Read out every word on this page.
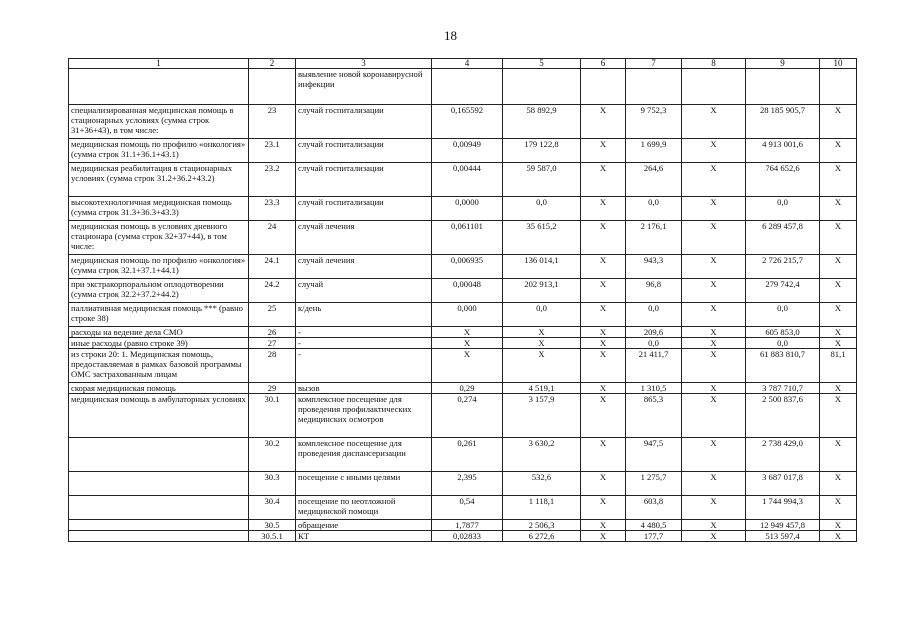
18
1	2	3	4	5	6	7	8	9	10
		выявление новой коронавирусной инфекции							
специализированная медицинская помощь в стационарных условиях (сумма строк 31+36+43), в том числе:	23	случай госпитализации	0,165592	58 892,9	X	9 752,3	X	28 185 905,7	X
медицинская помощь по профилю «онкология» (сумма строк 31.1+36.1+43.1)	23.1	случай госпитализации	0,00949	179 122,8	X	1 699,9	X	4 913 001,6	X
медицинская реабилитация в стационарных условиях (сумма строк 31.2+36.2+43.2)	23.2	случай госпитализации	0,00444	59 587,0	X	264,6	X	764 652,6	X
высокотехнологичная медицинская помощь (сумма строк 31.3+36.3+43.3)	23.3	случай госпитализации	0,0000	0,0	X	0,0	X	0,0	X
медицинская помощь в условиях дневного стационара (сумма строк 32+37+44), в том числе:	24	случай лечения	0,061101	35 615,2	X	2 176,1	X	6 289 457,8	X
медицинская помощь по профилю «онкология» (сумма строк 32.1+37.1+44.1)	24.1	случай лечения	0,006935	136 014,1	X	943,3	X	2 726 215,7	X
при экстракорпоральном оплодотворении (сумма строк 32.2+37.2+44.2)	24.2	случай	0,00048	202 913,1	X	96,8	X	279 742,4	X
паллиативная медицинская помощь *** (равно строке 38)	25	к/день	0,000	0,0	X	0,0	X	0,0	X
расходы на ведение дела СМО	26	-	X	X	X	209,6	X	605 853,0	X
иные расходы (равно строке 39)	27	-	X	X	X	0,0	X	0,0	X
из строки 20: 1. Медицинская помощь, предоставляемая в рамках базовой программы ОМС застрахованным лицам	28	-	X	X	X	21 411,7	X	61 883 810,7	81,1
скорая медицинская помощь	29	вызов	0,29	4 519,1	X	1 310,5	X	3 787 710,7	X
медицинская помощь в амбулаторных условиях	30.1	комплексное посещение для проведения профилактических медицинских осмотров	0,274	3 157,9	X	865,3	X	2 500 837,6	X
	30.2	комплексное посещение для проведения диспансеризации	0,261	3 630,2	X	947,5	X	2 738 429,0	X
	30.3	посещение с иными целями	2,395	532,6	X	1 275,7	X	3 687 017,8	X
	30.4	посещение по неотложной медицинской помощи	0,54	1 118,1	X	603,8	X	1 744 994,3	X
	30.5	обращение	1,7877	2 506,3	X	4 480,5	X	12 949 457,8	X
	30.5.1	КТ	0,02833	6 272,6	X	177,7	X	513 597,4	X
